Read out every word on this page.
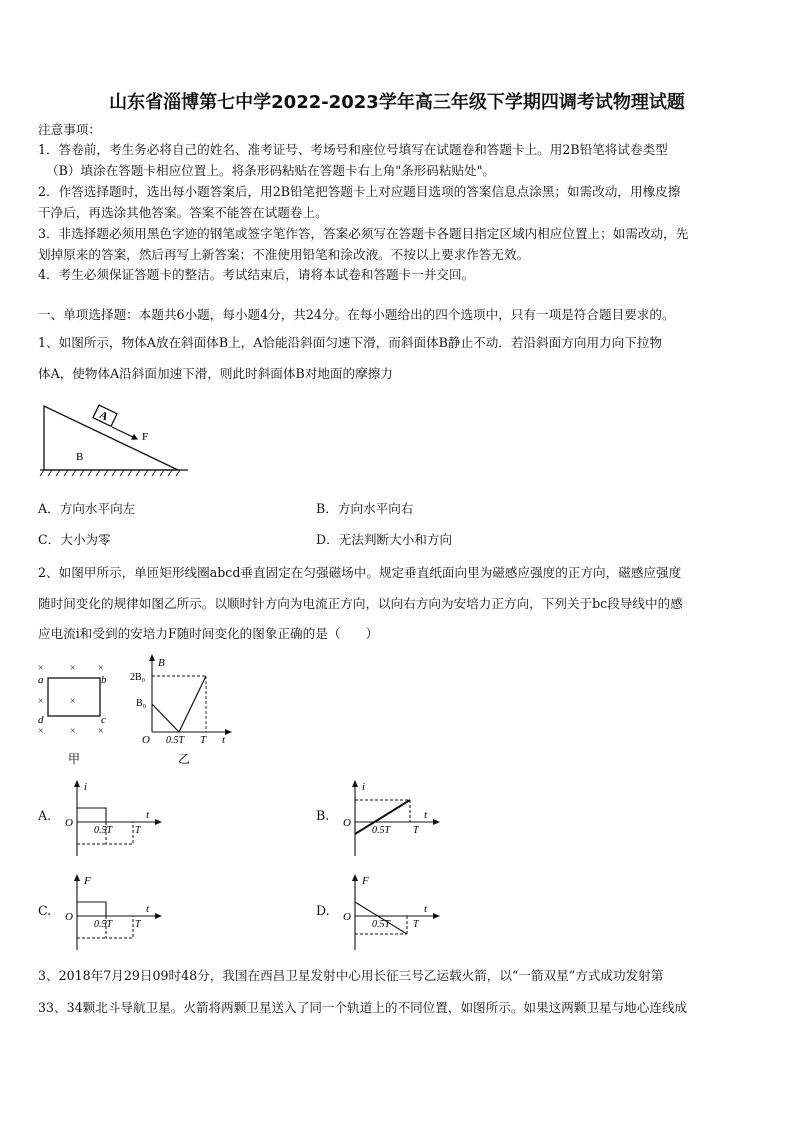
山东省淄博第七中学2022-2023学年高三年级下学期四调考试物理试题
注意事项：
1．答卷前，考生务必将自己的姓名、准考证号、考场号和座位号填写在试题卷和答题卡上。用2B铅笔将试卷类型
（B）填涂在答题卡相应位置上。将条形码粘贴在答题卡右上角"条形码粘贴处"。
2．作答选择题时，选出每小题答案后，用2B铅笔把答题卡上对应题目选项的答案信息点涂黑；如需改动，用橡皮擦
干净后，再选涂其他答案。答案不能答在试题卷上。
3．非选择题必须用黑色字迹的钢笔或签字笔作答，答案必须写在答题卡各题目指定区域内相应位置上；如需改动，先
划掉原来的答案，然后再写上新答案；不准使用铅笔和涂改液。不按以上要求作答无效。
4．考生必须保证答题卡的整洁。考试结束后，请将本试卷和答题卡一并交回。
一、单项选择题：本题共6小题，每小题4分，共24分。在每小题给出的四个选项中，只有一项是符合题目要求的。
1、如图所示，物体A放在斜面体B上，A恰能沿斜面匀速下滑，而斜面体B静止不动．若沿斜面方向用力向下拉物
体A，使物体A沿斜面加速下滑，则此时斜面体B对地面的摩擦力
A
F
B
A．方向水平向左	B．方向水平向右
C．大小为零	D．无法判断大小和方向
2、如图甲所示，单匝矩形线圈abcd垂直固定在匀强磁场中。规定垂直纸面向里为磁感应强度的正方向，磁感应强度
随时间变化的规律如图乙所示。以顺时针方向为电流正方向，以向右方向为安培力正方向，下列关于bc段导线中的感
应电流i和受到的安培力F随时间变化的图象正确的是（　　）
×	× ×
×	×
×	× ×
a	b
c
d
甲
B
2B₀
B₀
O 0.5T T t
乙
A.
i
O
0.5T T
t	B.
i
O
0.5T T
t
C.
F
O
0.5T T
t	D.
F
O
0.5T T
t
3、2018年7月29日09时48分，我国在西昌卫星发射中心用长征三号乙运载火箭，以“一箭双星”方式成功发射第
33、34颗北斗导航卫星。火箭将两颗卫星送入了同一个轨道上的不同位置，如图所示。如果这两颗卫星与地心连线成
